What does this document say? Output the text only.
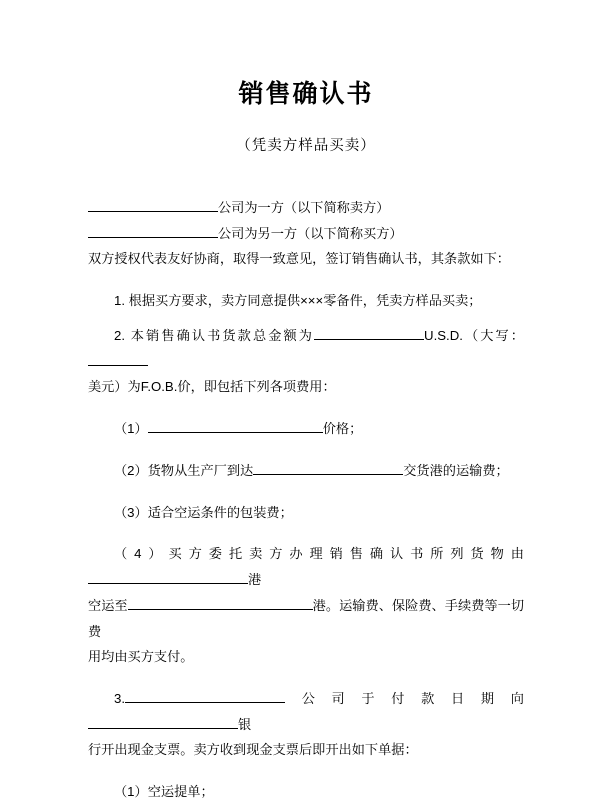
销售确认书
（凭卖方样品买卖）

公司为一方（以下简称卖方）

公司为另一方（以下简称买方）

双方授权代表友好协商，取得一致意见，签订销售确认书，其条款如下：

1. 根据买方要求，卖方同意提供×××零备件，凭卖方样品买卖；

2. 本销售确认书货款总金额为	U.S.D.（大写：

美元）为F.O.B.价，即包括下列各项费用：

（1）	价格；

（2）货物从生产厂到达	交货港的运输费；

（3）适合空运条件的包装费；

（4）买方委托卖方办理销售确认书所列货物由港

空运至	港。运输费、保险费、手续费等一切费

用均由买方支付。

3.	公司于付款日期向银

行开出现金支票。卖方收到现金支票后即开出如下单据：

（1）空运提单；
